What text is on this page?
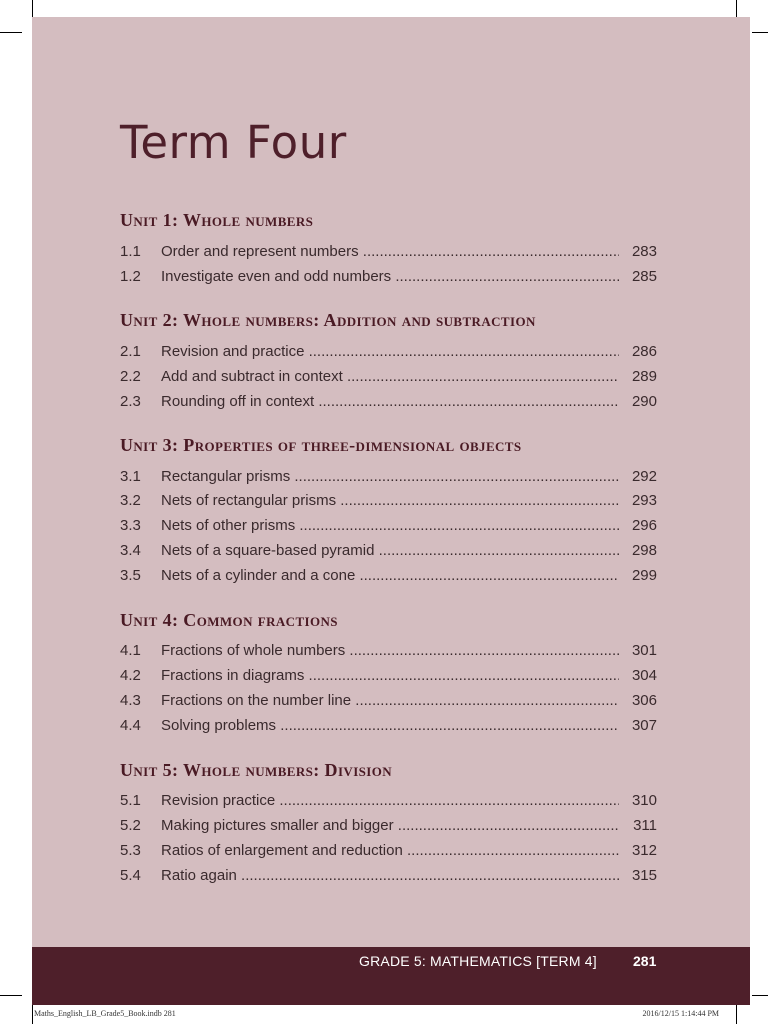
Term Four
Unit 1: Whole numbers
1.1 Order and represent numbers .....	283
1.2 Investigate even and odd numbers .....	285
Unit 2: Whole numbers: Addition and subtraction
2.1 Revision and practice .....	286
2.2 Add and subtract in context .....	289
2.3 Rounding off in context .....	290
Unit 3: Properties of three-dimensional objects
3.1 Rectangular prisms .....	292
3.2 Nets of rectangular prisms .....	293
3.3 Nets of other prisms .....	296
3.4 Nets of a square-based pyramid .....	298
3.5 Nets of a cylinder and a cone .....	299
Unit 4: Common fractions
4.1 Fractions of whole numbers .....	301
4.2 Fractions in diagrams .....	304
4.3 Fractions on the number line .....	306
4.4 Solving problems .....	307
Unit 5: Whole numbers: Division
5.1 Revision practice .....	310
5.2 Making pictures smaller and bigger .....	311
5.3 Ratios of enlargement and reduction .....	312
5.4 Ratio again .....	315
GRADE 5: MATHEMATICS [TERM 4]	281
Maths_English_LB_Grade5_Book.indb 281	2016/12/15 1:14:44 PM
